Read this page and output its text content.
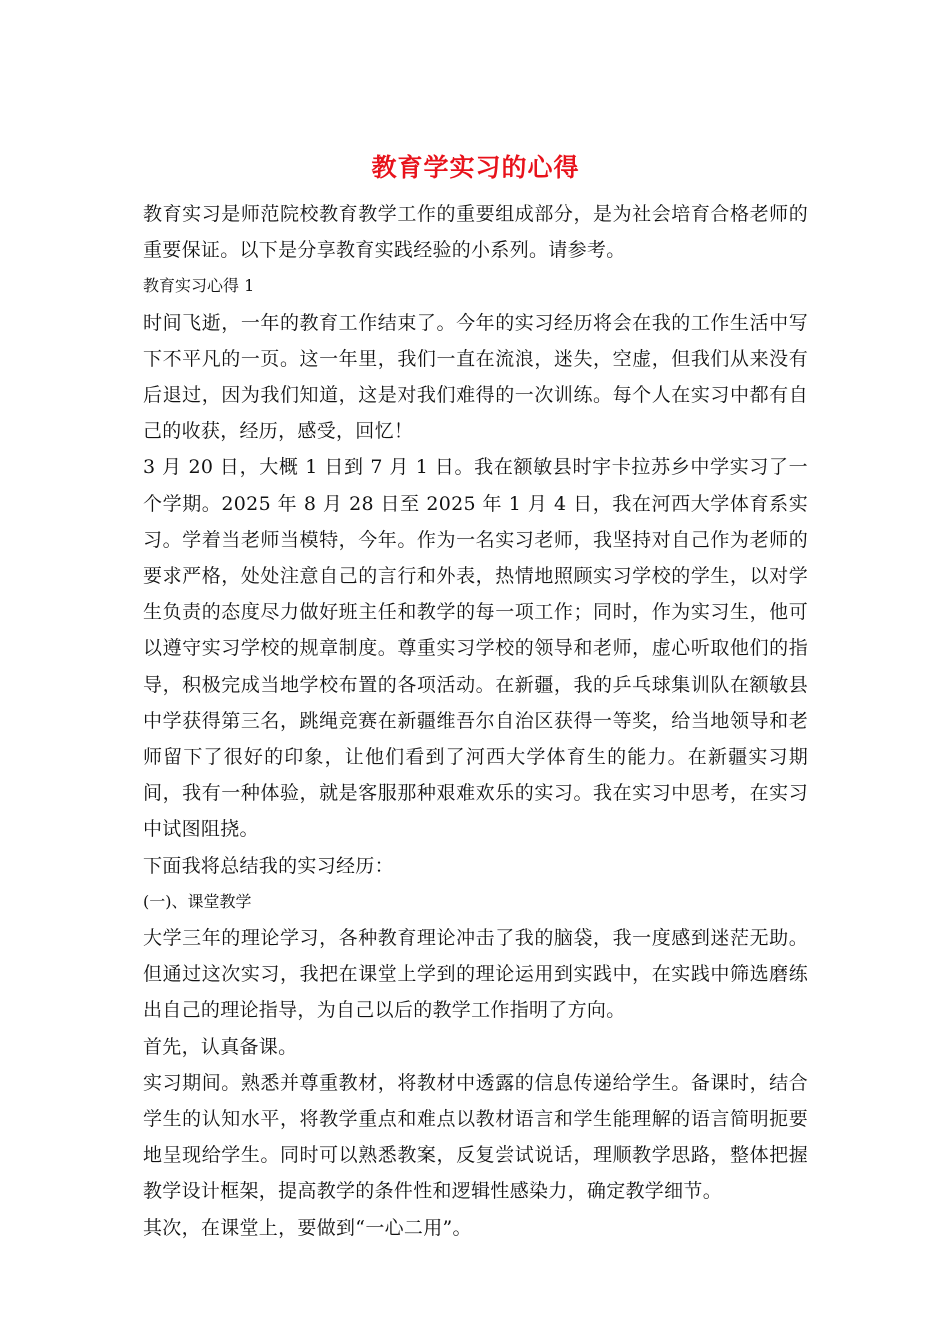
教育学实习的心得

教育实习是师范院校教育教学工作的重要组成部分，是为社会培育合格老师的重要保证。以下是分享教育实践经验的小系列。请参考。

教育实习心得 1

时间飞逝，一年的教育工作结束了。今年的实习经历将会在我的工作生活中写下不平凡的一页。这一年里，我们一直在流浪，迷失，空虚，但我们从来没有后退过，因为我们知道，这是对我们难得的一次训练。每个人在实习中都有自己的收获，经历，感受，回忆！

3 月 20 日，大概 1 日到 7 月 1 日。我在额敏县时宇卡拉苏乡中学实习了一个学期。2025 年 8 月 28 日至 2025 年 1 月 4 日，我在河西大学体育系实习。学着当老师当模特，今年。作为一名实习老师，我坚持对自己作为老师的要求严格，处处注意自己的言行和外表，热情地照顾实习学校的学生，以对学生负责的态度尽力做好班主任和教学的每一项工作；同时，作为实习生，他可以遵守实习学校的规章制度。尊重实习学校的领导和老师，虚心听取他们的指导，积极完成当地学校布置的各项活动。在新疆，我的乒乓球集训队在额敏县中学获得第三名，跳绳竞赛在新疆维吾尔自治区获得一等奖，给当地领导和老师留下了很好的印象，让他们看到了河西大学体育生的能力。在新疆实习期间，我有一种体验，就是客服那种艰难欢乐的实习。我在实习中思考，在实习中试图阻挠。

下面我将总结我的实习经历：

(一)、课堂教学

大学三年的理论学习，各种教育理论冲击了我的脑袋，我一度感到迷茫无助。但通过这次实习，我把在课堂上学到的理论运用到实践中，在实践中筛选磨练出自己的理论指导，为自己以后的教学工作指明了方向。

首先，认真备课。

实习期间。熟悉并尊重教材，将教材中透露的信息传递给学生。备课时，结合学生的认知水平，将教学重点和难点以教材语言和学生能理解的语言简明扼要地呈现给学生。同时可以熟悉教案，反复尝试说话，理顺教学思路，整体把握教学设计框架，提高教学的条件性和逻辑性感染力，确定教学细节。

其次，在课堂上，要做到“一心二用”。
